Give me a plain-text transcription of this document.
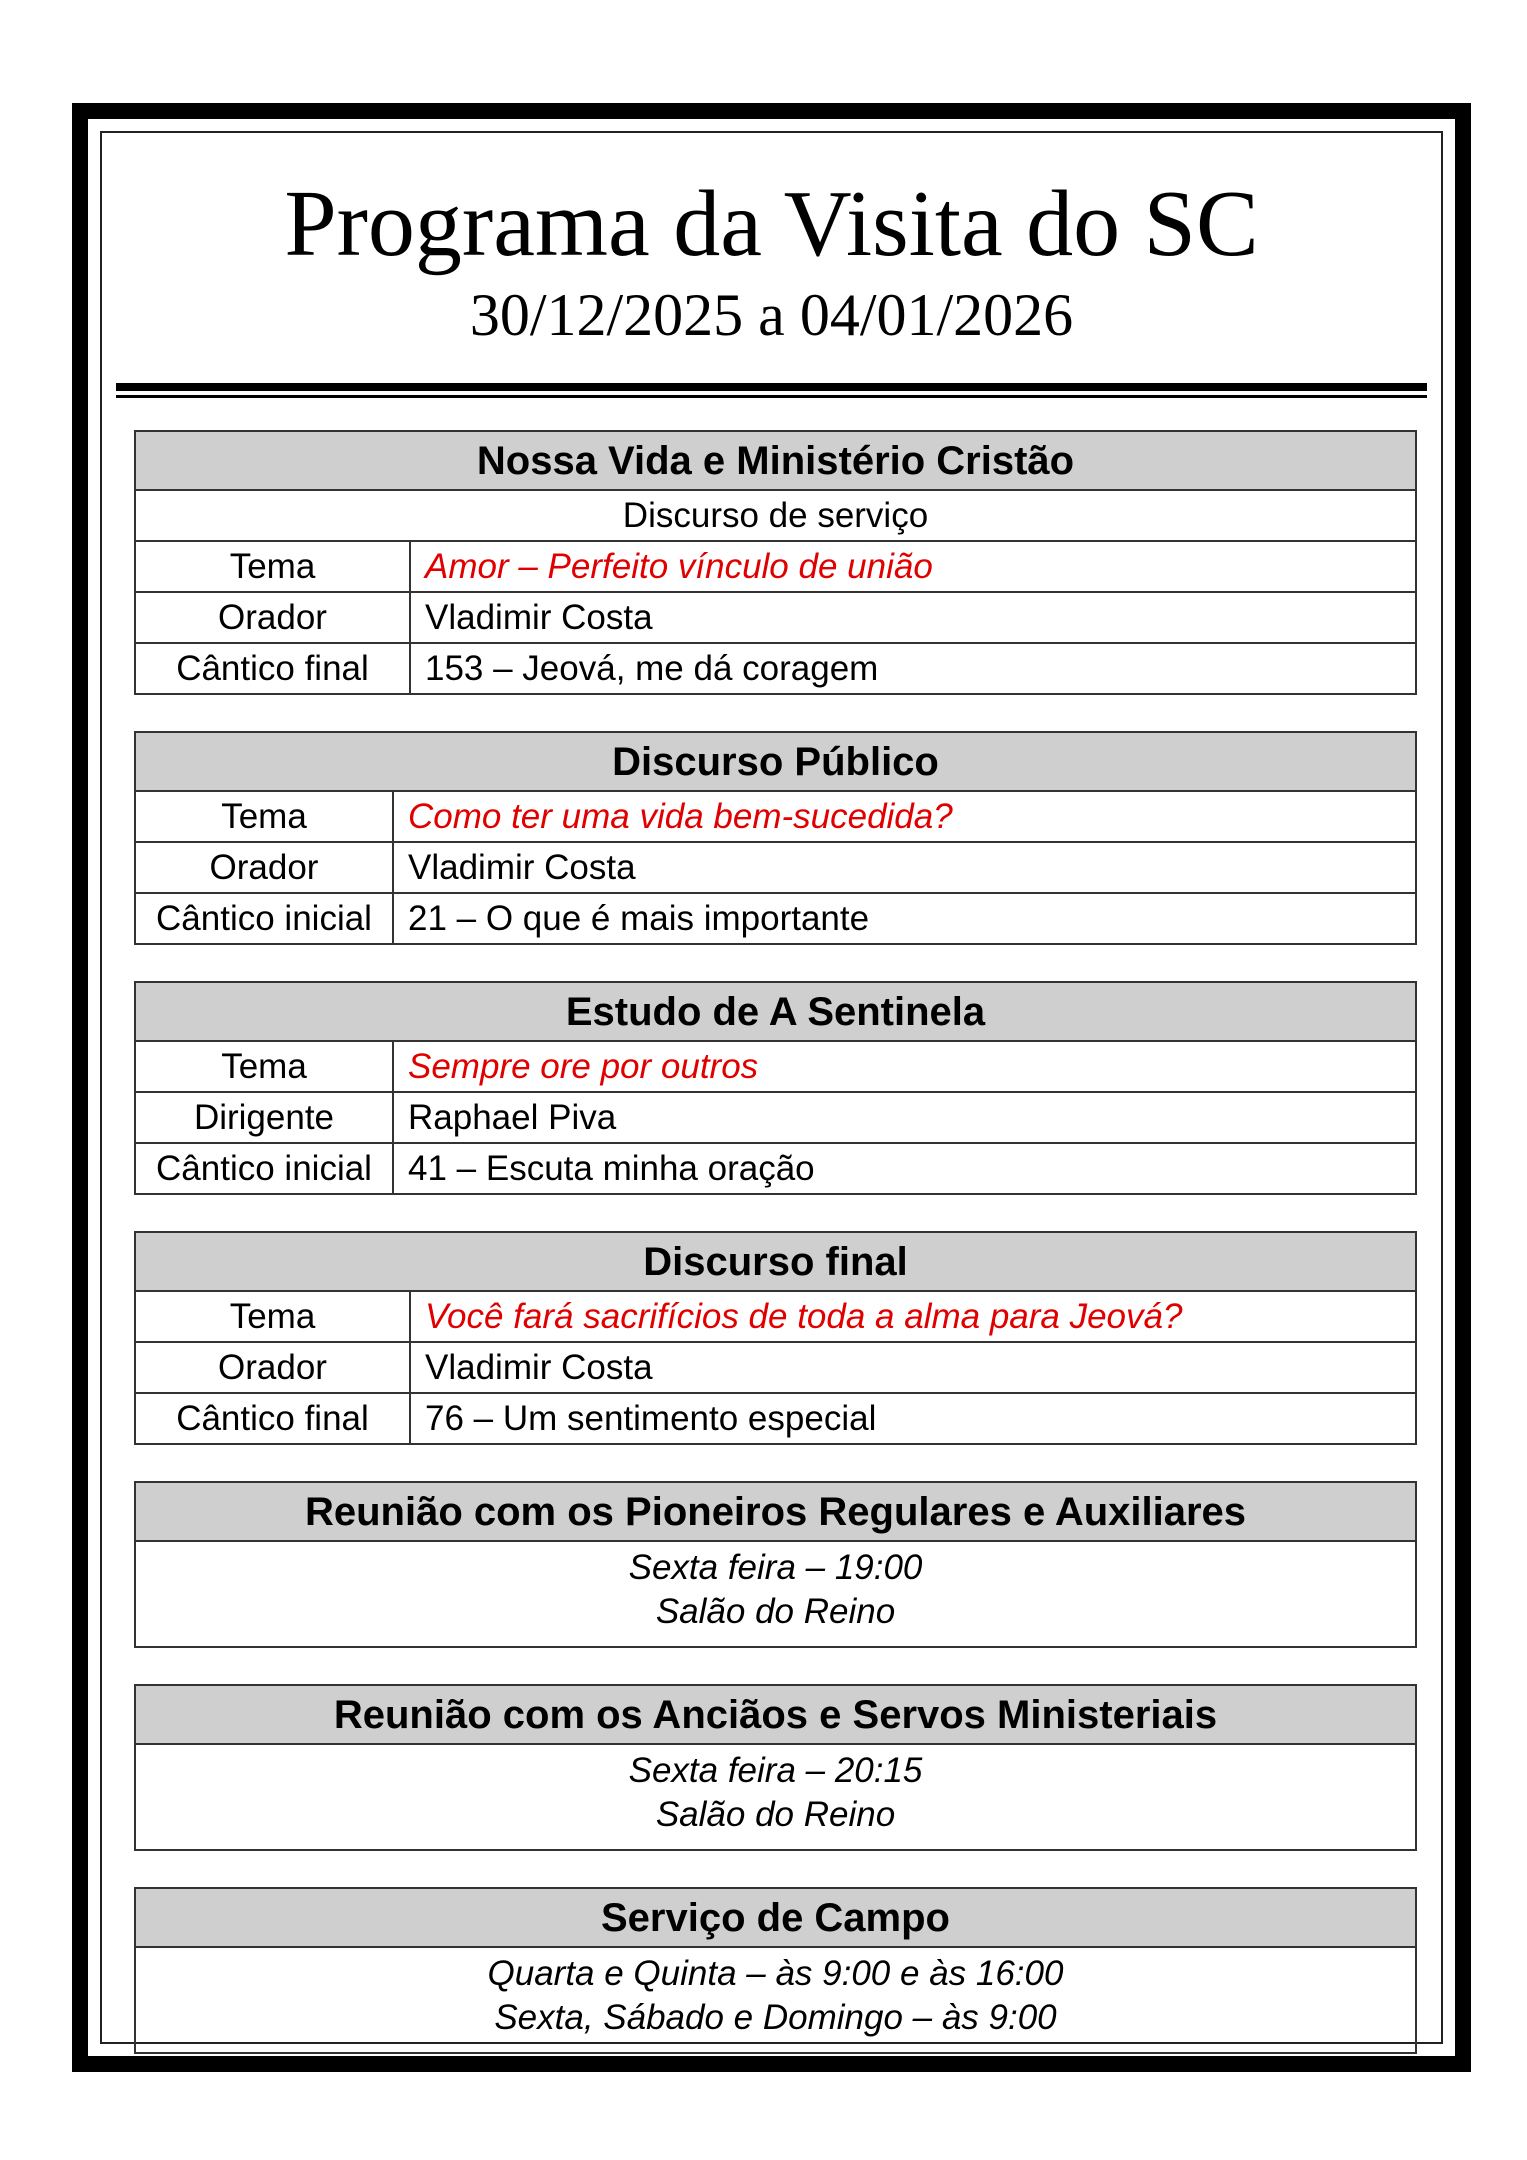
Programa da Visita do SC
30/12/2025 a 04/01/2026
Nossa Vida e Ministério Cristão	
Discurso de serviço	
Tema	Amor – Perfeito vínculo de união
Orador	Vladimir Costa
Cântico final	153 – Jeová, me dá coragem
Discurso Público	
Tema	Como ter uma vida bem-sucedida?
Orador	Vladimir Costa
Cântico inicial	21 – O que é mais importante
Estudo de A Sentinela	
Tema	Sempre ore por outros
Dirigente	Raphael Piva
Cântico inicial	41 – Escuta minha oração
Discurso final	
Tema	Você fará sacrifícios de toda a alma para Jeová?
Orador	Vladimir Costa
Cântico final	76 – Um sentimento especial
Reunião com os Pioneiros Regulares e Auxiliares

Sexta feira – 19:00
Salão do Reino
Reunião com os Anciãos e Servos Ministeriais

Sexta feira – 20:15
Salão do Reino
Serviço de Campo

Quarta e Quinta – às 9:00 e às 16:00
Sexta, Sábado e Domingo – às 9:00
